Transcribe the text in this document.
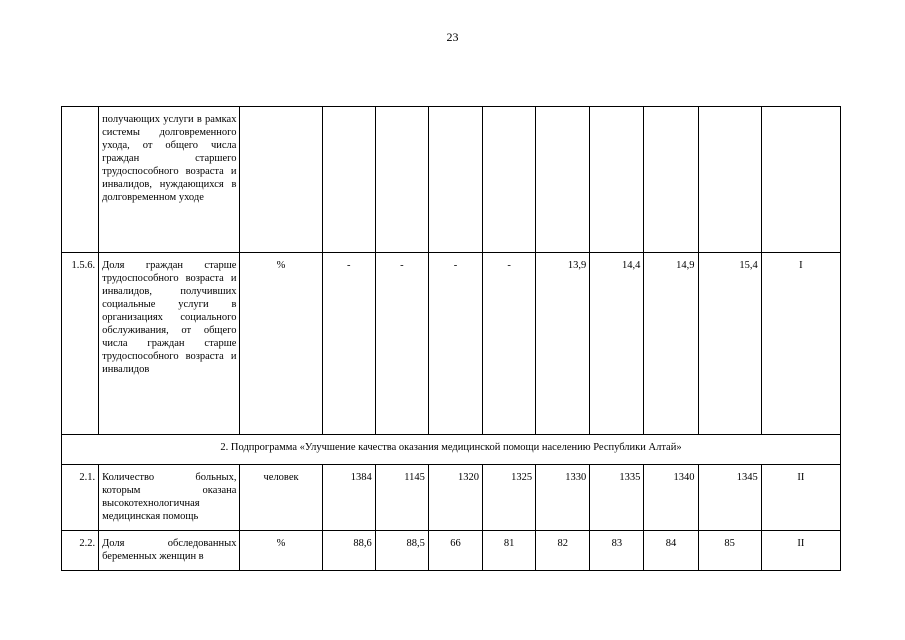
23
	получающих услуги в рамках системы долговременного ухода, от общего числа граждан старшего трудоспособного возраста и инвалидов, нуждающихся в долговременном уходе										
1.5.6.	Доля граждан старше трудоспособного возраста и инвалидов, получивших социальные услуги в организациях социального обслуживания, от общего числа граждан старше трудоспособного возраста и инвалидов	%	-	-	-	-	13,9	14,4	14,9	15,4	I
2. Подпрограмма «Улучшение качества оказания медицинской помощи населению Республики Алтай»											
2.1.	Количество больных, которым оказана высокотехнологичная медицинская помощь	человек	1384	1145	1320	1325	1330	1335	1340	1345	II
2.2.	Доля обследованных беременных женщин в	%	88,6	88,5	66	81	82	83	84	85	II
